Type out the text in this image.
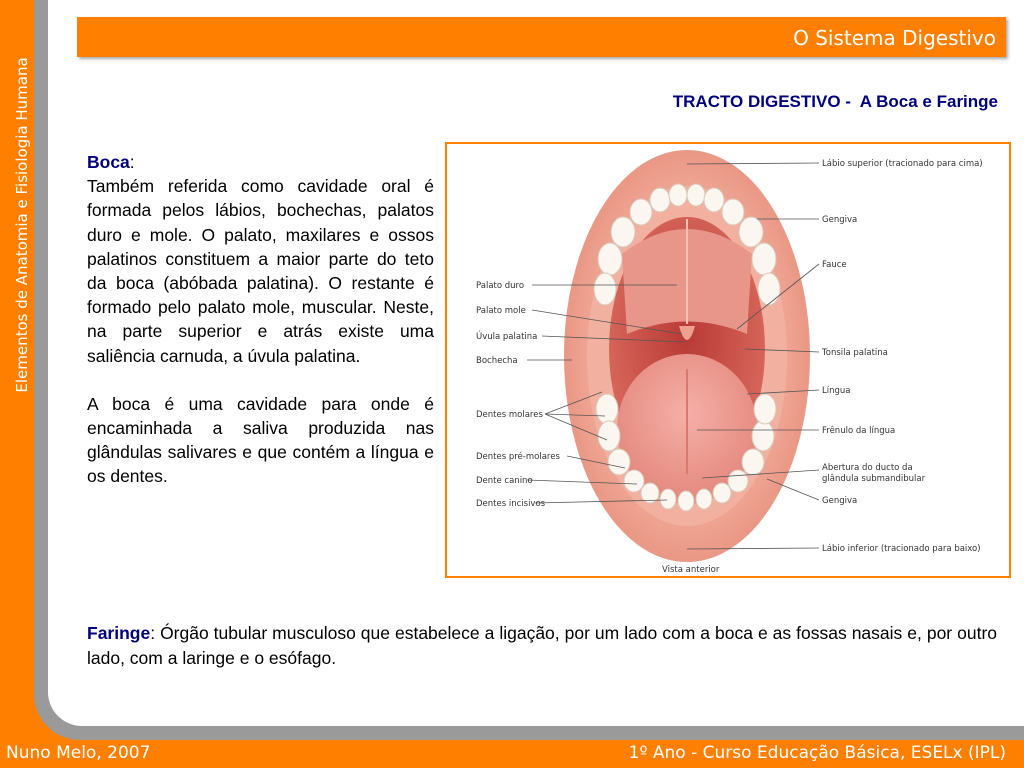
Elementos de Anatomia e Fisiologia Humana
O Sistema Digestivo
TRACTO DIGESTIVO -  A Boca e Faringe

Boca:
Também referida como cavidade oral é formada pelos lábios, bochechas, palatos duro e mole. O palato, maxilares e ossos palatinos constituem a maior parte do teto da boca (abóbada palatina). O restante é formado pelo palato mole, muscular. Neste, na parte superior e atrás existe uma saliência carnuda, a úvula palatina.

A boca é uma cavidade para onde é encaminhada a saliva produzida nas glândulas salivares e que contém a língua e os dentes.

Palato duro
Palato mole
Úvula palatina
Bochecha
Dentes molares
Dentes pré-molares
Dente canino
Dentes incisivos
Lábio superior (tracionado para cima)
Gengiva
Fauce
Tonsila palatina
Língua
Frênulo da língua
Abertura do ducto da
glândula submandibular
Gengiva
Lábio inferior (tracionado para baixo)
Vista anterior
Faringe: Órgão tubular musculoso que estabelece a ligação, por um lado com a boca e as fossas nasais e, por outro lado, com a laringe e o esófago.
Nuno Melo, 2007	1º Ano - Curso Educação Básica, ESELx (IPL)
